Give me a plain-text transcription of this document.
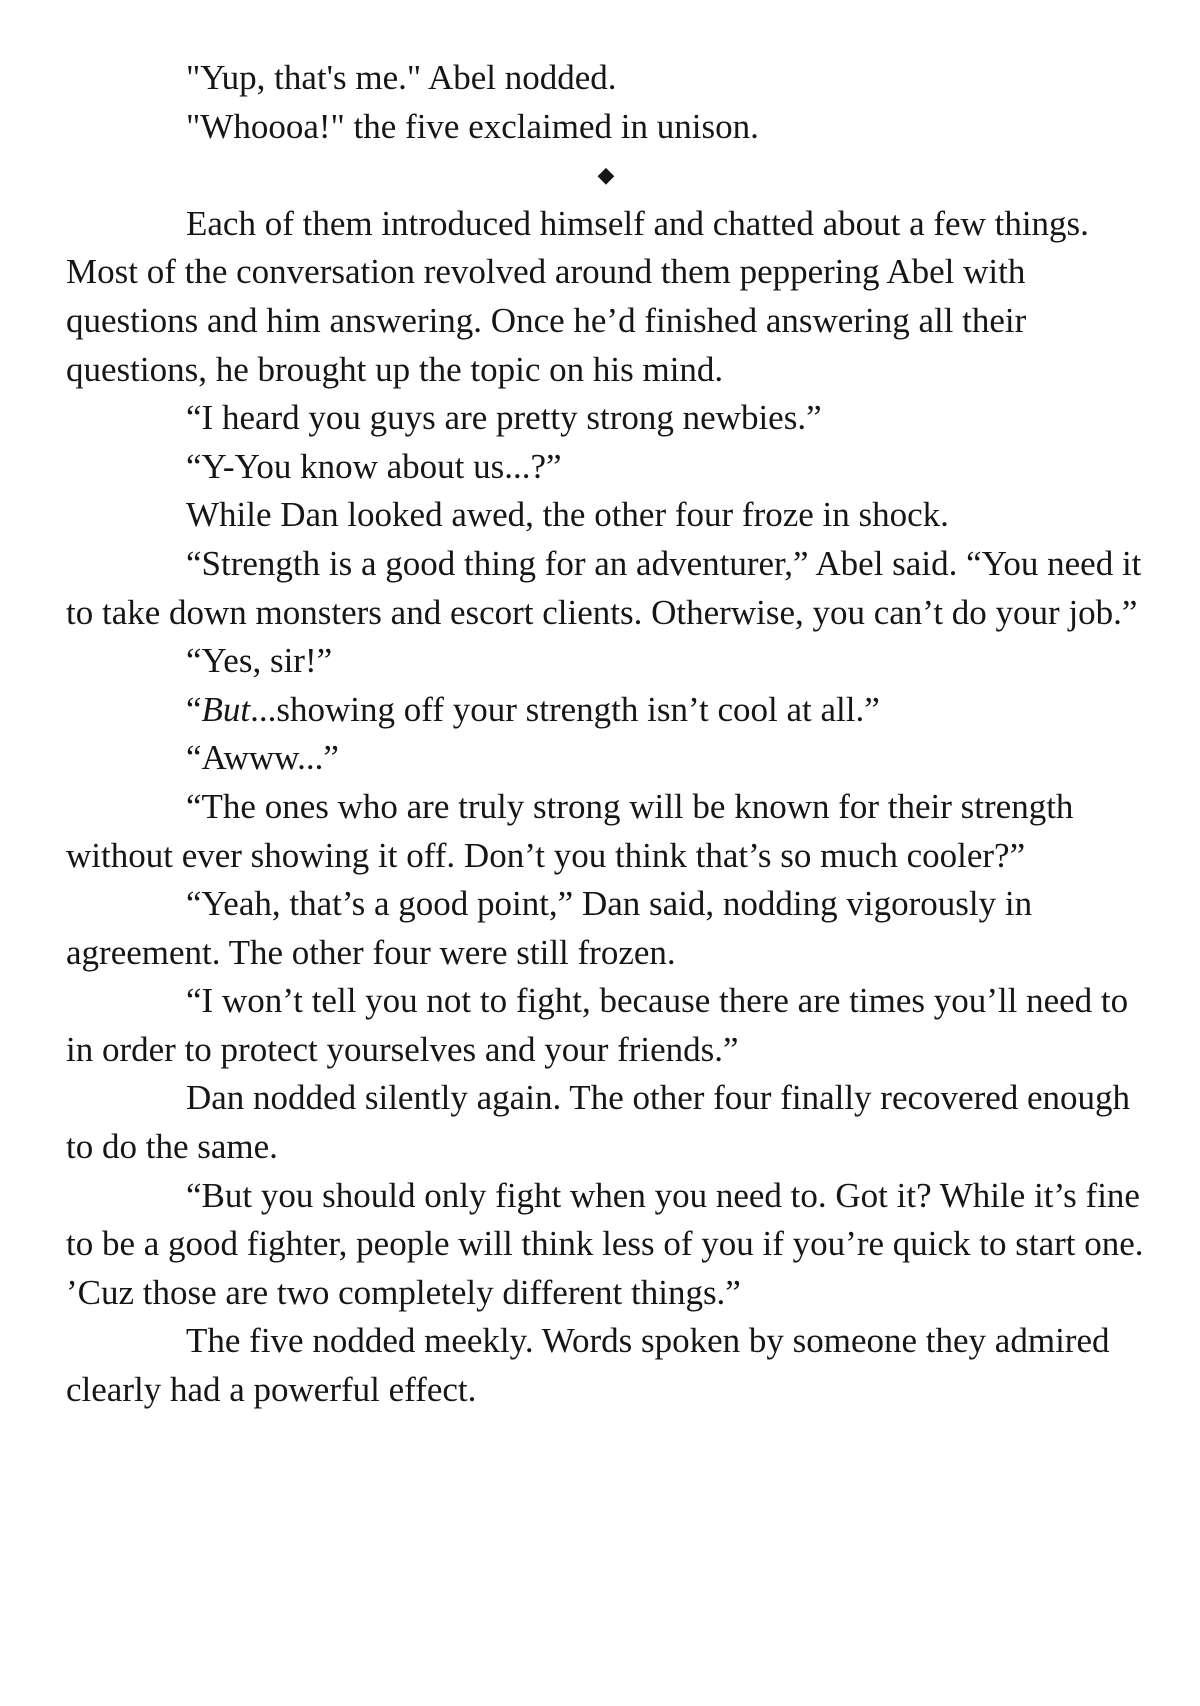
"Yup, that's me." Abel nodded.

"Whoooa!" the five exclaimed in unison.

◆

Each of them introduced himself and chatted about a few things. Most of the conversation revolved around them peppering Abel with questions and him answering. Once he’d finished answering all their questions, he brought up the topic on his mind.

“I heard you guys are pretty strong newbies.”

“Y-You know about us...?”

While Dan looked awed, the other four froze in shock.

“Strength is a good thing for an adventurer,” Abel said. “You need it to take down monsters and escort clients. Otherwise, you can’t do your job.”

“Yes, sir!”

“But...showing off your strength isn’t cool at all.”

“Awww...”

“The ones who are truly strong will be known for their strength without ever showing it off. Don’t you think that’s so much cooler?”

“Yeah, that’s a good point,” Dan said, nodding vigorously in agreement. The other four were still frozen.

“I won’t tell you not to fight, because there are times you’ll need to in order to protect yourselves and your friends.”

Dan nodded silently again. The other four finally recovered enough to do the same.

“But you should only fight when you need to. Got it? While it’s fine to be a good fighter, people will think less of you if you’re quick to start one. ’Cuz those are two completely different things.”

The five nodded meekly. Words spoken by someone they admired clearly had a powerful effect.
